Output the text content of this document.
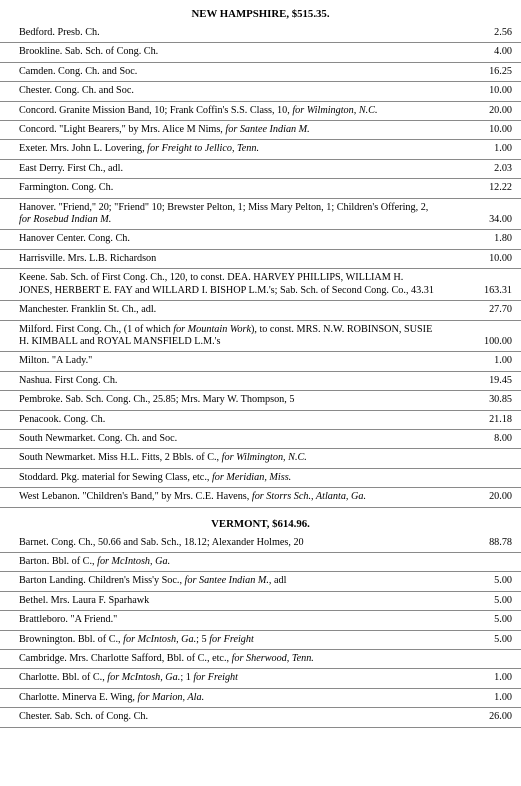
NEW HAMPSHIRE, $515.35.
Bedford. Presb. Ch.	2.56
Brookline. Sab. Sch. of Cong. Ch.	4.00
Camden. Cong. Ch. and Soc.	16.25
Chester. Cong. Ch. and Soc.	10.00
Concord. Granite Mission Band, 10; Frank Coffin's S.S. Class, 10, for Wilmington, N.C.	20.00
Concord. "Light Bearers," by Mrs. Alice M Nims, for Santee Indian M.	10.00
Exeter. Mrs. John L. Lovering, for Freight to Jellico, Tenn.	1.00
East Derry. First Ch., adl.	2.03
Farmington. Cong. Ch.	12.22
Hanover. "Friend," 20; "Friend" 10; Brewster Pelton, 1; Miss Mary Pelton, 1; Children's Offering, 2, for Rosebud Indian M.	34.00
Hanover Center. Cong. Ch.	1.80
Harrisville. Mrs. L.B. Richardson	10.00
Keene. Sab. Sch. of First Cong. Ch., 120, to const. DEA. HARVEY PHILLIPS, WILLIAM H. JONES, HERBERT E. FAY and WILLARD I. BISHOP L.M.'s; Sab. Sch. of Second Cong. Co., 43.31	163.31
Manchester. Franklin St. Ch., adl.	27.70
Milford. First Cong. Ch., (1 of which for Mountain Work), to const. MRS. N.W. ROBINSON, SUSIE H. KIMBALL and ROYAL MANSFIELD L.M.'s	100.00
Milton. "A Lady."	1.00
Nashua. First Cong. Ch.	19.45
Pembroke. Sab. Sch. Cong. Ch., 25.85; Mrs. Mary W. Thompson, 5	30.85
Penacook. Cong. Ch.	21.18
South Newmarket. Cong. Ch. and Soc.	8.00
South Newmarket. Miss H.L. Fitts, 2 Bbls. of C., for Wilmington, N.C.
Stoddard. Pkg. material for Sewing Class, etc., for Meridian, Miss.
West Lebanon. "Children's Band," by Mrs. C.E. Havens, for Storrs Sch., Atlanta, Ga.	20.00
VERMONT, $614.96.
Barnet. Cong. Ch., 50.66 and Sab. Sch., 18.12; Alexander Holmes, 20	88.78
Barton. Bbl. of C., for McIntosh, Ga.
Barton Landing. Children's Miss'y Soc., for Santee Indian M., adl	5.00
Bethel. Mrs. Laura F. Sparhawk	5.00
Brattleboro. "A Friend."	5.00
Brownington. Bbl. of C., for McIntosh, Ga.; 5 for Freight	5.00
Cambridge. Mrs. Charlotte Safford, Bbl. of C., etc., for Sherwood, Tenn.
Charlotte. Bbl. of C., for McIntosh, Ga.; 1 for Freight	1.00
Charlotte. Minerva E. Wing, for Marion, Ala.	1.00
Chester. Sab. Sch. of Cong. Ch.	26.00
